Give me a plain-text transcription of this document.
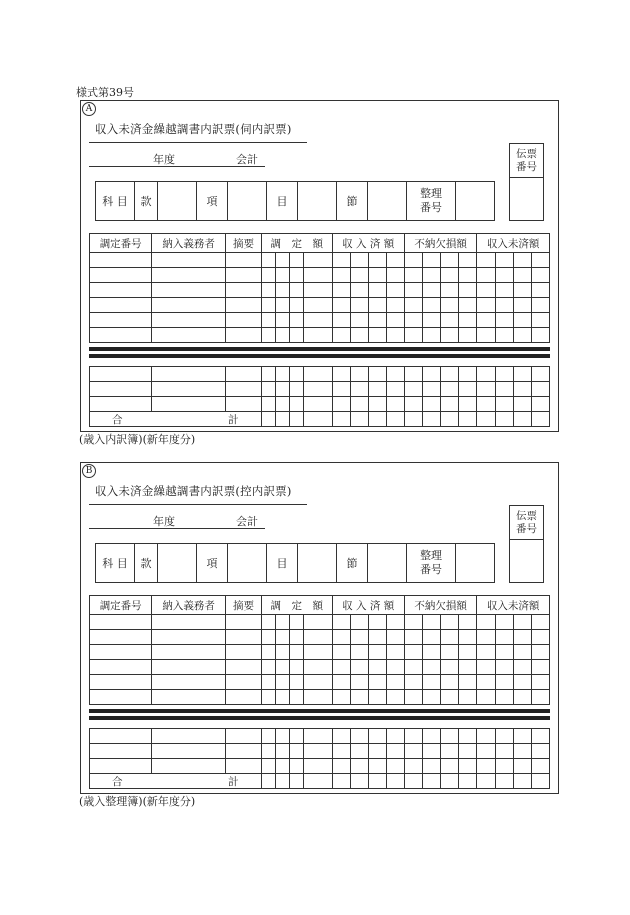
様式第39号
A
収入未済金繰越調書内訳票(伺内訳票)
年度	会計	伝票
番号
科 目	款		項		目		節		整理
番号	
調定番号	納入義務者	摘要	調　定　額				収 入 済 額				不納欠損額				収入未済額			

合 計																		

(歳入内訳簿)(新年度分)
B
収入未済金繰越調書内訳票(控内訳票)
年度	会計	伝票
番号
科 目	款		項		目		節		整理
番号	
調定番号	納入義務者	摘要	調　定　額				収 入 済 額				不納欠損額				収入未済額			

合 計																		

(歳入整理簿)(新年度分)
